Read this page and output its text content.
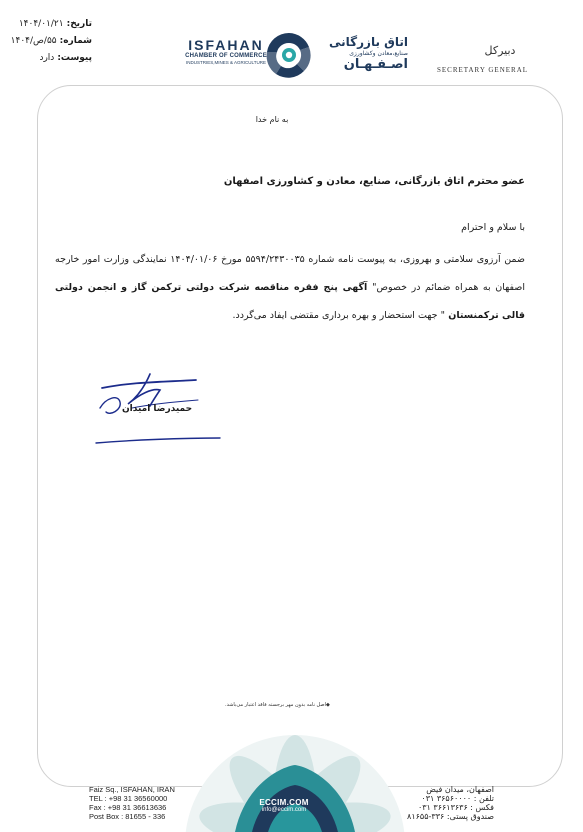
تاریخ:
۱۴۰۴/۰۱/۲۱
شماره:
۵۵/ص/۱۴۰۴
پیوست:
دارد
ISFAHAN
CHAMBER OF COMMERCE
INDUSTRIES,MINES & AGRICULTURE
اتاق بازرگانی
صنایع،معادن وکشاورزی
اصـفـهـان
دبیرکل
SECRETARY GENERAL
به نام خدا
عضو محترم اتاق بازرگانی، صنایع، معادن و کشاورزی اصفهان
با سلام و احترام
ضمن آرزوی سلامتی و بهروزی، به پیوست نامه شماره ۵۵۹۴/۲۴۳۰۰۳۵ مورخ ۱۴۰۴/۰۱/۰۶ نمایندگی وزارت امور خارجه اصفهان به همراه ضمائم در خصوص" آگهی پنج فقره مناقصه شرکت دولتی ترکمن گاز و انجمن دولتی قالی ترکمنستان " جهت استحضار و بهره برداری مقتضی ایفاد می‌گردد.
حمیدرضا امیدان
◆اصل نامه بدون مهر برجسته فاقد اعتبار می‌باشد.
ECCIM.COM
info@eccim.com
Faiz Sq., ISFAHAN, IRAN
TEL : +98 31 36560000
Fax : +98 31 36613636
Post Box : 81655 - 336
اصفهان، میدان فیض
تلفن : ۳۶۵۶۰۰۰۰ ۰۳۱
فکس : ۳۶۶۱۳۶۳۶ ۰۳۱
صندوق پستی: ۳۳۶-۸۱۶۵۵
